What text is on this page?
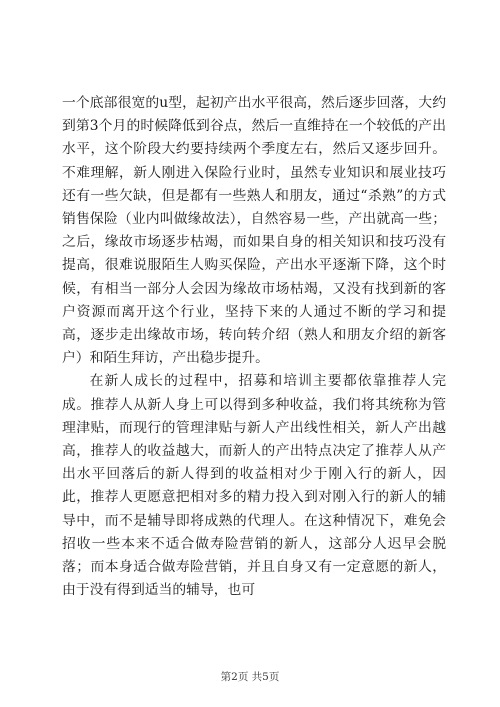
一个底部很宽的u型，起初产出水平很高，然后逐步回落，大约到第3个月的时候降低到谷点，然后一直维持在一个较低的产出水平，这个阶段大约要持续两个季度左右，然后又逐步回升。不难理解，新人刚进入保险行业时，虽然专业知识和展业技巧还有一些欠缺，但是都有一些熟人和朋友，通过“杀熟”的方式销售保险（业内叫做缘故法），自然容易一些，产出就高一些；之后，缘故市场逐步枯竭，而如果自身的相关知识和技巧没有提高，很难说服陌生人购买保险，产出水平逐渐下降，这个时候，有相当一部分人会因为缘故市场枯竭，又没有找到新的客户资源而离开这个行业，坚持下来的人通过不断的学习和提高，逐步走出缘故市场，转向转介绍（熟人和朋友介绍的新客户）和陌生拜访，产出稳步提升。

在新人成长的过程中，招募和培训主要都依靠推荐人完成。推荐人从新人身上可以得到多种收益，我们将其统称为管理津贴，而现行的管理津贴与新人产出线性相关，新人产出越高，推荐人的收益越大，而新人的产出特点决定了推荐人从产出水平回落后的新人得到的收益相对少于刚入行的新人，因此，推荐人更愿意把相对多的精力投入到对刚入行的新人的辅导中，而不是辅导即将成熟的代理人。在这种情况下，难免会招收一些本来不适合做寿险营销的新人，这部分人迟早会脱落；而本身适合做寿险营销，并且自身又有一定意愿的新人，由于没有得到适当的辅导，也可

第2页 共5页
